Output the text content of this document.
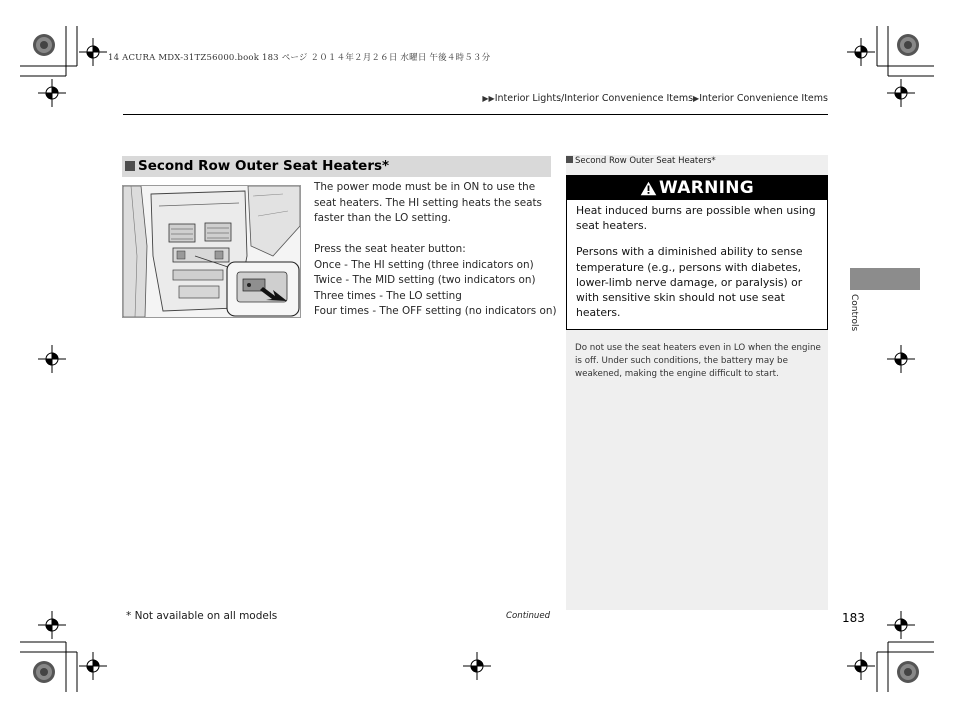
14 ACURA MDX-31TZ56000.book 183 ページ ２０１４年２月２６日 水曜日 午後４時５３分
▶▶Interior Lights/Interior Convenience Items▶Interior Convenience Items
Second Row Outer Seat Heaters*

The power mode must be in ON to use the

seat heaters. The HI setting heats the seats

faster than the LO setting.

Press the seat heater button:

Once - The HI setting (three indicators on)

Twice - The MID setting (two indicators on)

Three times - The LO setting

Four times - The OFF setting (no indicators on)

Second Row Outer Seat Heaters*
WARNING

Heat induced burns are possible when using seat heaters.

Persons with a diminished ability to sense temperature (e.g., persons with diabetes, lower-limb nerve damage, or paralysis) or with sensitive skin should not use seat heaters.

Do not use the seat heaters even in LO when the engine is off. Under such conditions, the battery may be weakened, making the engine difficult to start.
Controls
* Not available on all models	Continued	183
